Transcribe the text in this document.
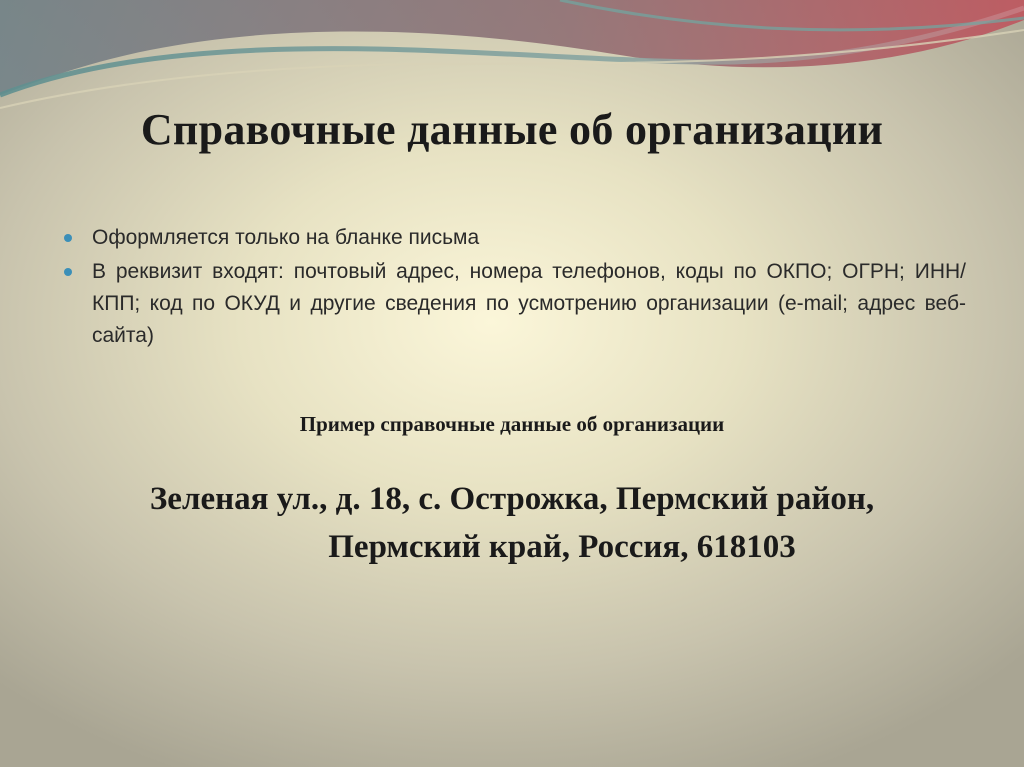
Справочные данные об организации
Оформляется только на бланке письма
В реквизит входят: почтовый адрес, номера телефонов, коды по ОКПО; ОГРН; ИНН/КПП; код по ОКУД и другие сведения по усмотрению организации (e-mail; адрес веб-сайта)
Пример справочные данные об организации
Зеленая ул., д. 18, с. Острожка, Пермский район,
Пермский край, Россия, 618103
